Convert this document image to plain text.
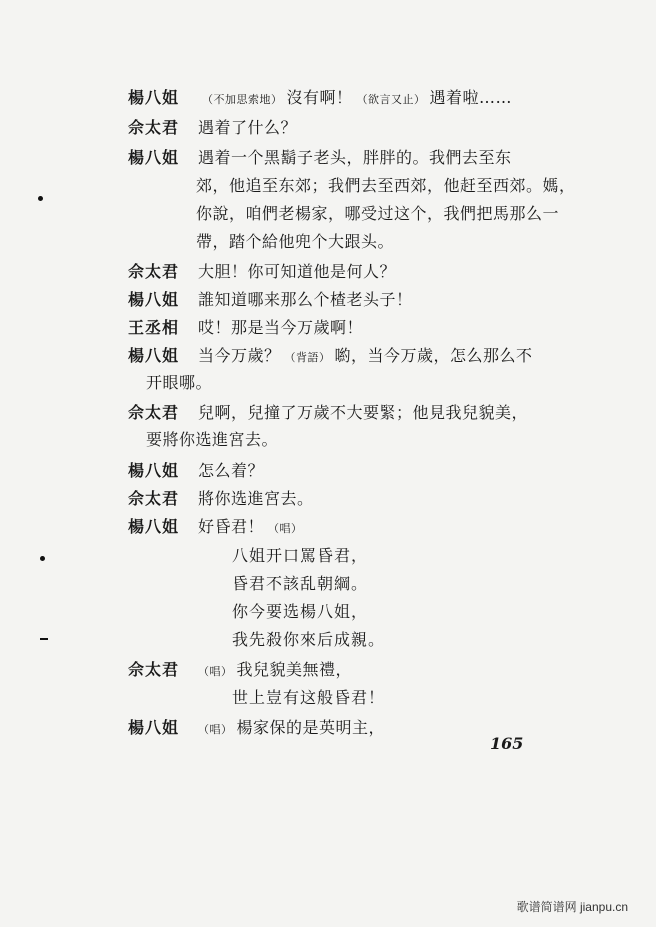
楊八姐	（不加思索地） 沒有啊！ （欲言又止） 遇着啦……
佘太君	遇着了什么？
楊八姐	遇着一个黑鬍子老头，胖胖的。我們去至东
郊，他追至东郊；我們去至西郊，他赶至西郊。媽，
你說，咱們老楊家，哪受过这个，我們把馬那么一
帶，踏个給他兜个大跟头。
佘太君	大胆！你可知道他是何人？
楊八姐	誰知道哪来那么个楂老头子！
王丞相	哎！那是当今万歲啊！
楊八姐	当今万歲？ （背語） 喲，当今万歲，怎么那么不
开眼哪。
佘太君	兒啊，兒撞了万歲不大要緊；他見我兒貌美，
要將你选進宮去。
楊八姐	怎么着？
佘太君	將你选進宮去。
楊八姐	好昏君！ （唱）
八姐开口罵昏君，
昏君不該乱朝綱。
你今要选楊八姐，
我先殺你來后成親。
佘太君	（唱） 我兒貌美無禮，
世上豈有这般昏君！
楊八姐	（唱） 楊家保的是英明主，
165
歌谱简谱网 jianpu.cn
